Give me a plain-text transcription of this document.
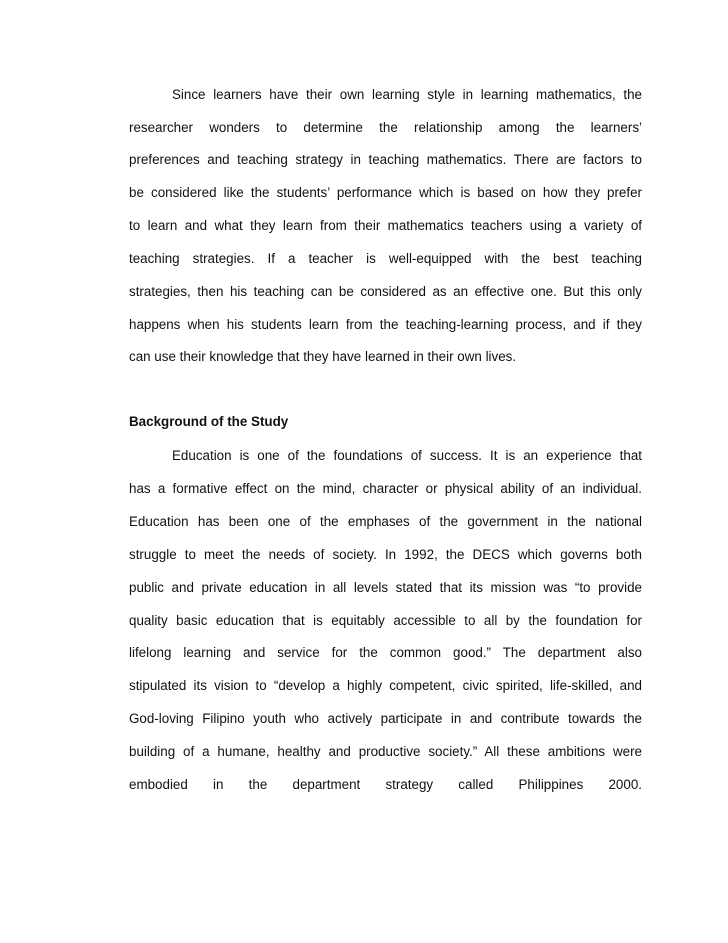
Since learners have their own learning style in learning mathematics, the
researcher wonders to determine the relationship among the learners’
preferences and teaching strategy in teaching mathematics. There are factors to
be considered like the students’ performance which is based on how they prefer
to learn and what they learn from their mathematics teachers using a variety of
teaching strategies. If a teacher is well-equipped with the best teaching
strategies, then his teaching can be considered as an effective one. But this only
happens when his students learn from the teaching-learning process, and if they
can use their knowledge that they have learned in their own lives.
Background of the Study
Education is one of the foundations of success. It is an experience that
has a formative effect on the mind, character or physical ability of an individual.
Education has been one of the emphases of the government in the national
struggle to meet the needs of society. In 1992, the DECS which governs both
public and private education in all levels stated that its mission was “to provide
quality basic education that is equitably accessible to all by the foundation for
lifelong learning and service for the common good.” The department also
stipulated its vision to “develop a highly competent, civic spirited, life-skilled, and
God-loving Filipino youth who actively participate in and contribute towards the
building of a humane, healthy and productive society.” All these ambitions were
embodied in the department strategy called Philippines 2000.
